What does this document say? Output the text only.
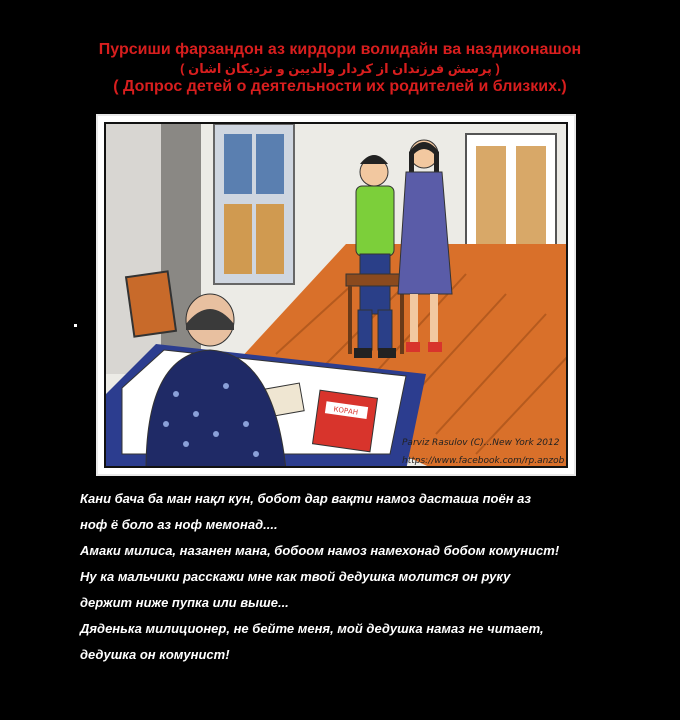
Пурсиши фарзандон аз кирдори волидайн ва наздиконашон
( پرسش فرزندان از کردار والدیین و نزدیکان اشان )
( Допрос детей о деятельности их родителей и близких.)
КОРАН
Parviz Rasulov (C)...New York 2012
https://www.facebook.com/rp.anzob
Кани бача ба ман нақл кун, бобот дар вақти намоз дасташа поён аз
ноф ё боло аз ноф мемонад....
Амаки милиса, назанен мана, бобоом намоз намехонад бобом комунист!
Ну ка мальчики расскажи мне как твой дедушка молится он руку
держит ниже пупка или выше...
Дяденька милиционер, не бейте меня, мой дедушка намаз не читает,
дедушка он комунист!
